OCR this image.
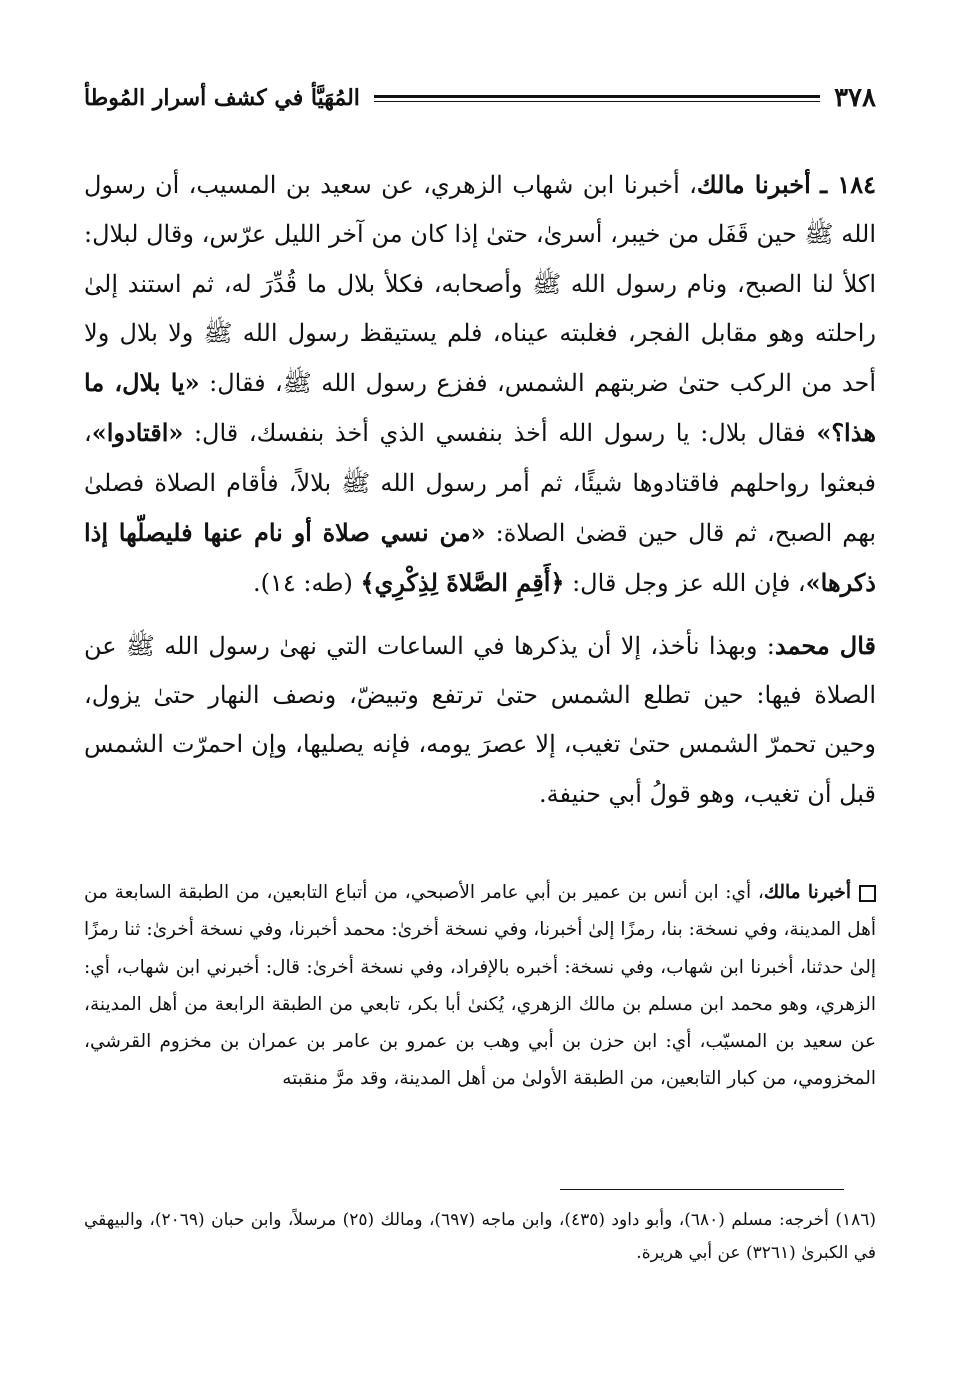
المُهَيَّأ في كشف أسرار المُوطأ	٣٧٨

١٨٤ ـ أخبرنا مالك، أخبرنا ابن شهاب الزهري، عن سعيد بن المسيب، أن رسول الله ﷺ حين قَفَل من خيبر، أسرىٰ، حتىٰ إذا كان من آخر الليل عرّس، وقال لبلال: اكلأ لنا الصبح، ونام رسول الله ﷺ وأصحابه، فكلأ بلال ما قُدِّرَ له، ثم استند إلىٰ راحلته وهو مقابل الفجر، فغلبته عيناه، فلم يستيقظ رسول الله ﷺ ولا بلال ولا أحد من الركب حتىٰ ضربتهم الشمس، ففزع رسول الله ﷺ، فقال: «يا بلال، ما هذا؟» فقال بلال: يا رسول الله أخذ بنفسي الذي أخذ بنفسك، قال: «اقتادوا»، فبعثوا رواحلهم فاقتادوها شيئًا، ثم أمر رسول الله ﷺ بلالاً، فأقام الصلاة فصلىٰ بهم الصبح، ثم قال حين قضىٰ الصلاة: «من نسي صلاة أو نام عنها فليصلّها إذا ذكرها»، فإن الله عز وجل قال: ﴿أَقِمِ الصَّلاةَ لِذِكْرِي﴾ (طه: ١٤).

قال محمد: وبهذا نأخذ، إلا أن يذكرها في الساعات التي نهىٰ رسول الله ﷺ عن الصلاة فيها: حين تطلع الشمس حتىٰ ترتفع وتبيضّ، ونصف النهار حتىٰ يزول، وحين تحمرّ الشمس حتىٰ تغيب، إلا عصرَ يومه، فإنه يصليها، وإن احمرّت الشمس قبل أن تغيب، وهو قولُ أبي حنيفة.

أخبرنا مالك، أي: ابن أنس بن عمير بن أبي عامر الأصبحي، من أتباع التابعين، من الطبقة السابعة من أهل المدينة، وفي نسخة: بنا، رمزًا إلىٰ أخبرنا، وفي نسخة أخرىٰ: محمد أخبرنا، وفي نسخة أخرىٰ: ثنا رمزًا إلىٰ حدثنا، أخبرنا ابن شهاب، وفي نسخة: أخبره بالإفراد، وفي نسخة أخرىٰ: قال: أخبرني ابن شهاب، أي: الزهري، وهو محمد ابن مسلم بن مالك الزهري، يُكنىٰ أبا بكر، تابعي من الطبقة الرابعة من أهل المدينة، عن سعيد بن المسيّب، أي: ابن حزن بن أبي وهب بن عمرو بن عامر بن عمران بن مخزوم القرشي، المخزومي، من كبار التابعين، من الطبقة الأولىٰ من أهل المدينة، وقد مرَّ منقبته

(١٨٦) أخرجه: مسلم (٦٨٠)، وأبو داود (٤٣٥)، وابن ماجه (٦٩٧)، ومالك (٢٥) مرسلاً، وابن حبان (٢٠٦٩)، والبيهقي في الكبرىٰ (٣٢٦١) عن أبي هريرة.
